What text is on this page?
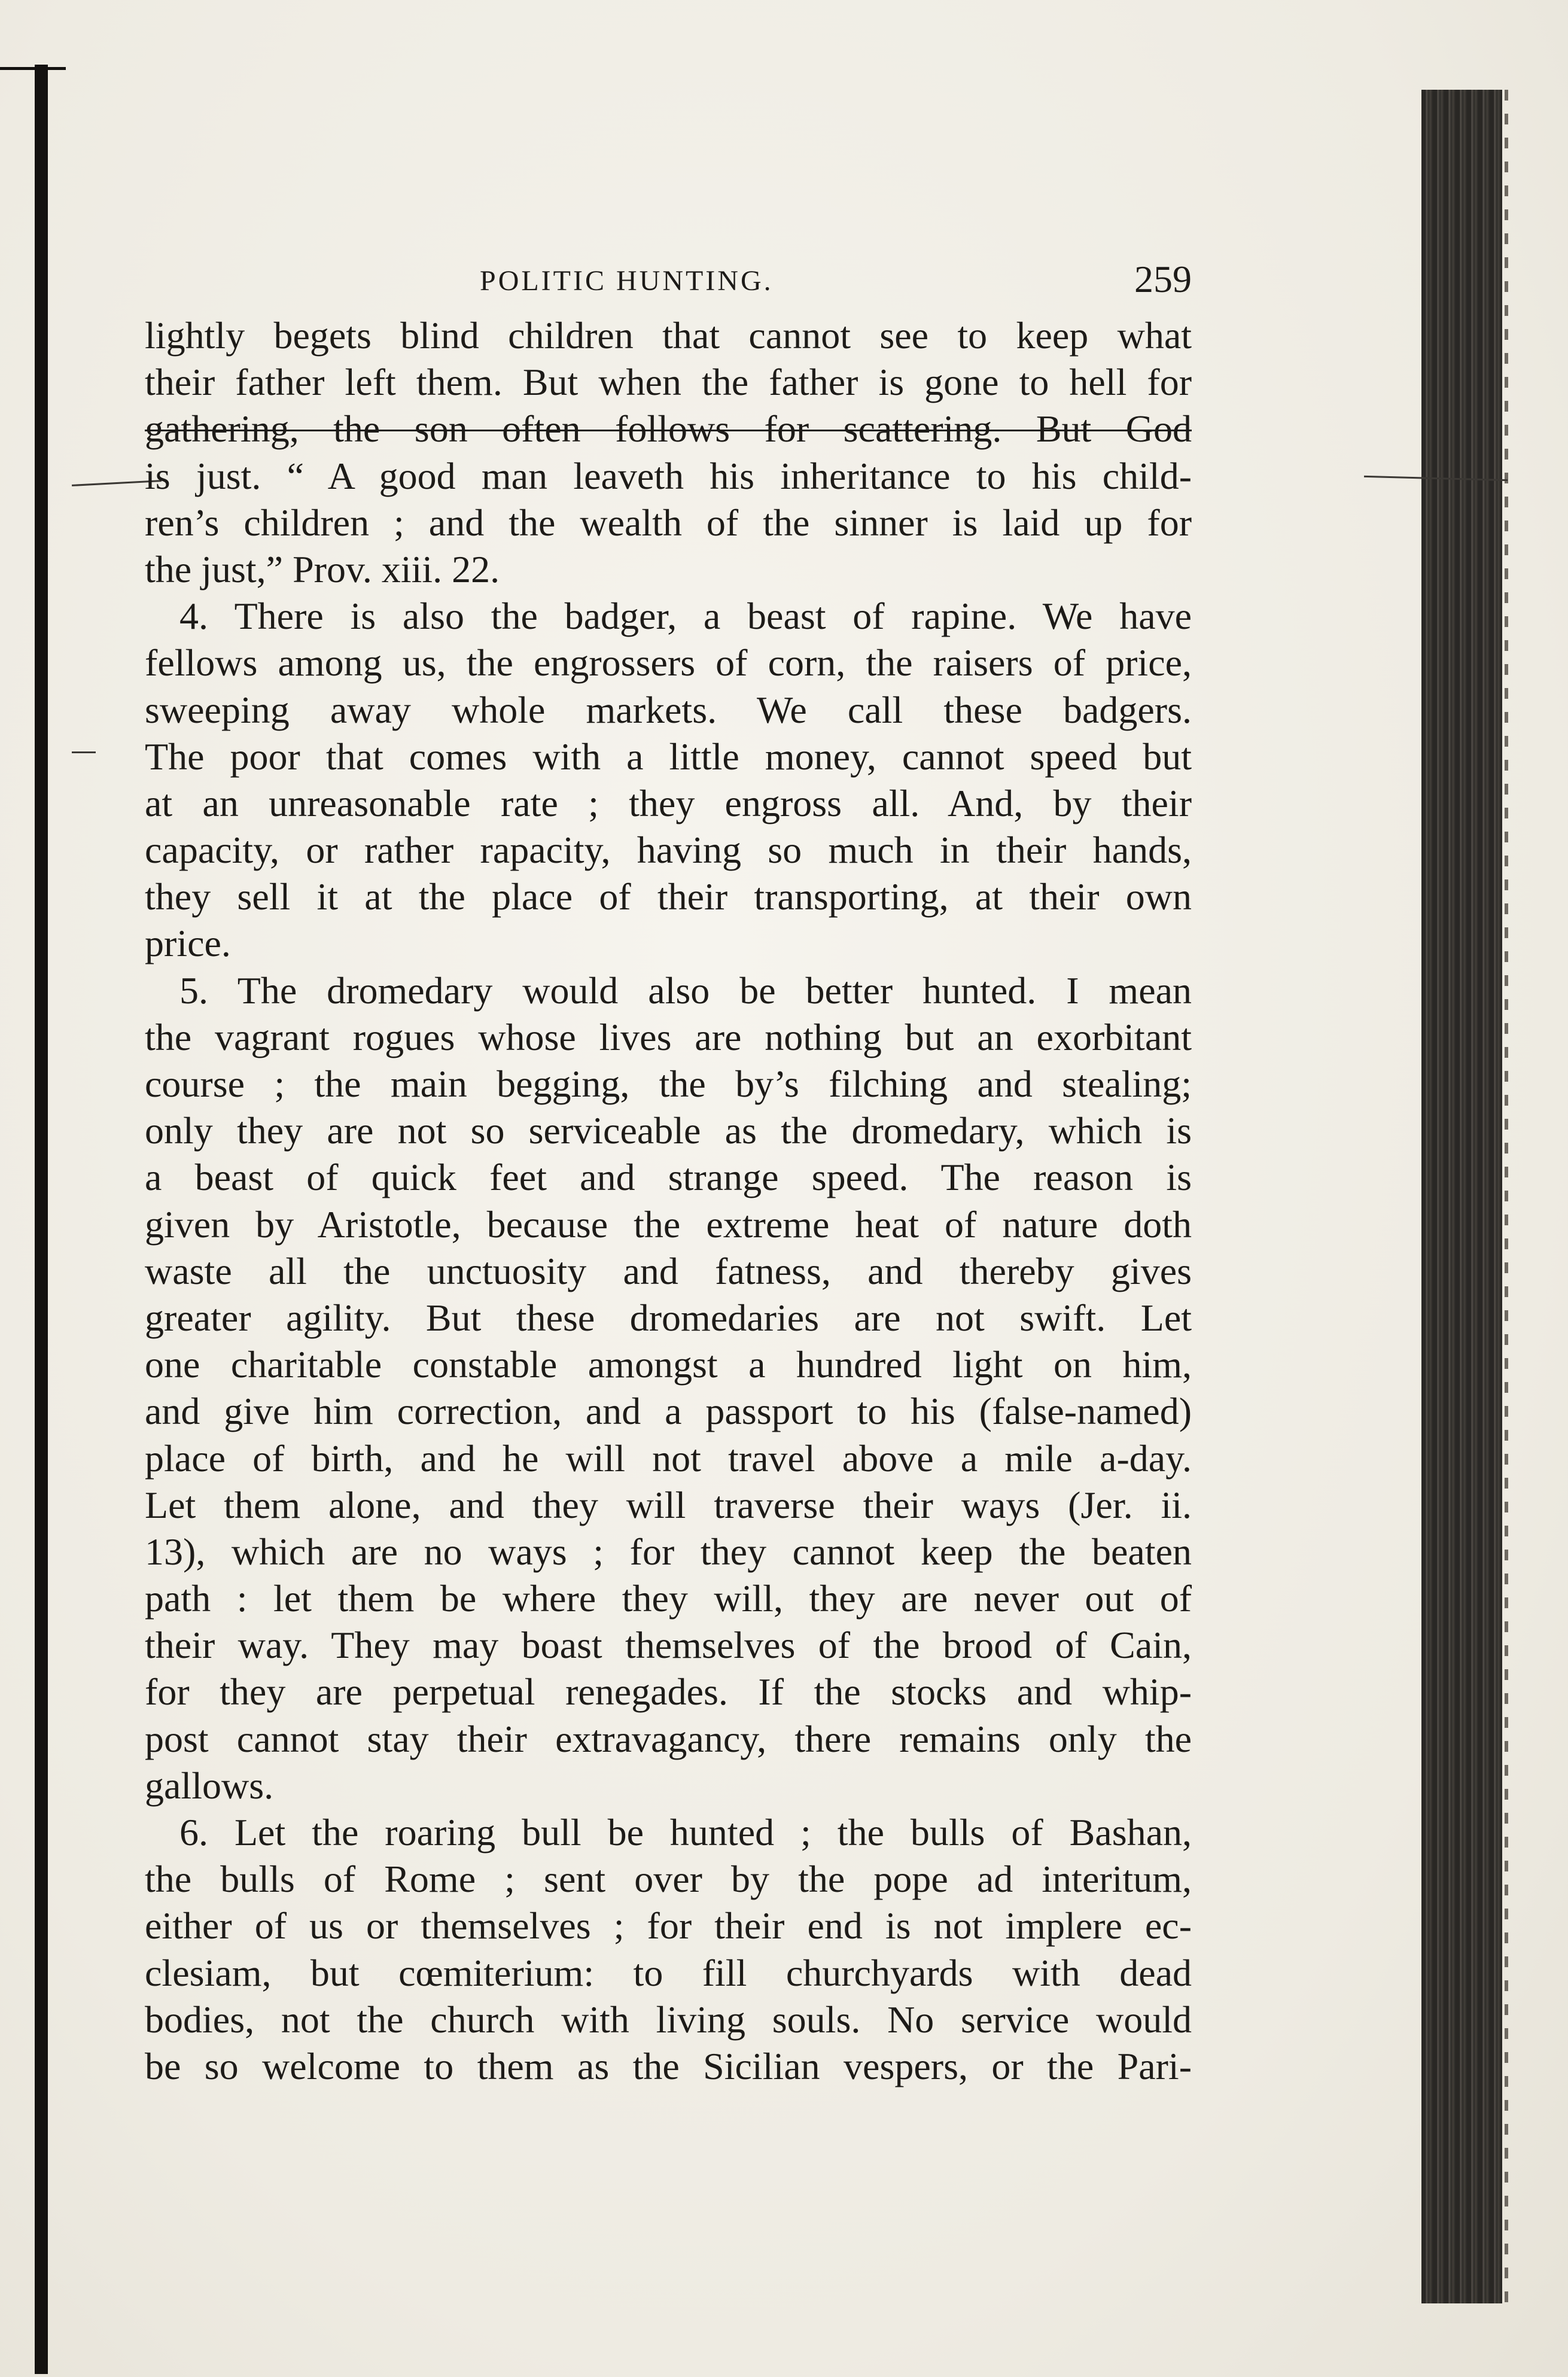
POLITIC HUNTING.	259
lightly begets blind children that cannot see to keep what
their father left them. But when the father is gone to hell for
gathering, the son often follows for scattering. But God
is just. “ A good man leaveth his inheritance to his child-
ren’s children ; and the wealth of the sinner is laid up for
the just,” Prov. xiii. 22.
4. There is also the badger, a beast of rapine. We have
fellows among us, the engrossers of corn, the raisers of price,
sweeping away whole markets. We call these badgers.
The poor that comes with a little money, cannot speed but
at an unreasonable rate ; they engross all. And, by their
capacity, or rather rapacity, having so much in their hands,
they sell it at the place of their transporting, at their own
price.
5. The dromedary would also be better hunted. I mean
the vagrant rogues whose lives are nothing but an exorbitant
course ; the main begging, the by’s filching and stealing;
only they are not so serviceable as the dromedary, which is
a beast of quick feet and strange speed. The reason is
given by Aristotle, because the extreme heat of nature doth
waste all the unctuosity and fatness, and thereby gives
greater agility. But these dromedaries are not swift. Let
one charitable constable amongst a hundred light on him,
and give him correction, and a passport to his (false-named)
place of birth, and he will not travel above a mile a-day.
Let them alone, and they will traverse their ways (Jer. ii.
13), which are no ways ; for they cannot keep the beaten
path : let them be where they will, they are never out of
their way. They may boast themselves of the brood of Cain,
for they are perpetual renegades. If the stocks and whip-
post cannot stay their extravagancy, there remains only the
gallows.
6. Let the roaring bull be hunted ; the bulls of Bashan,
the bulls of Rome ; sent over by the pope ad interitum,
either of us or themselves ; for their end is not implere ec-
clesiam, but cœmiterium: to fill churchyards with dead
bodies, not the church with living souls. No service would
be so welcome to them as the Sicilian vespers, or the Pari-
